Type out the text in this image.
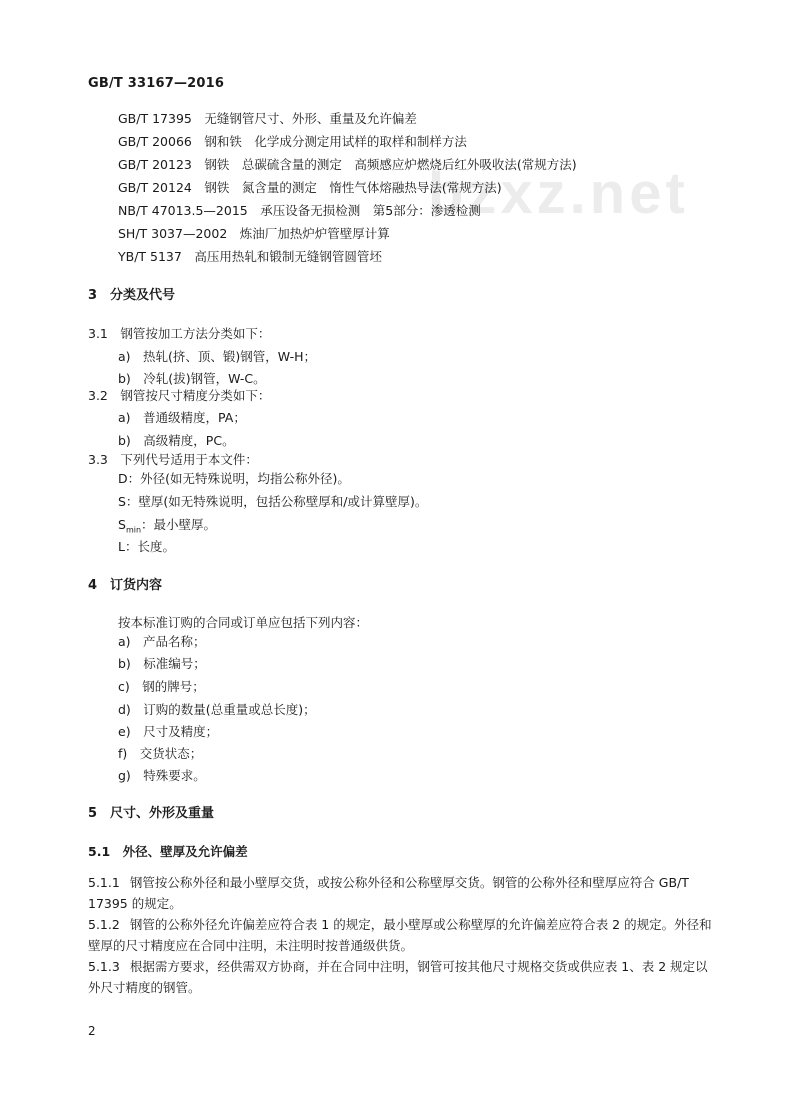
GB/T 33167—2016
bzxz.net
GB/T 17395　无缝钢管尺寸、外形、重量及允许偏差
GB/T 20066　钢和铁　化学成分测定用试样的取样和制样方法
GB/T 20123　钢铁　总碳硫含量的测定　高频感应炉燃烧后红外吸收法(常规方法)
GB/T 20124　钢铁　氮含量的测定　惰性气体熔融热导法(常规方法)
NB/T 47013.5—2015　承压设备无损检测　第5部分：渗透检测
SH/T 3037—2002　炼油厂加热炉炉管壁厚计算
YB/T 5137　高压用热轧和锻制无缝钢管圆管坯
3　分类及代号
3.1　钢管按加工方法分类如下：
a)　热轧(挤、顶、锻)钢管，W-H；
b)　冷轧(拔)钢管，W-C。
3.2　钢管按尺寸精度分类如下：
a)　普通级精度，PA；
b)　高级精度，PC。
3.3　下列代号适用于本文件：
D：外径(如无特殊说明，均指公称外径)。
S：壁厚(如无特殊说明，包括公称壁厚和/或计算壁厚)。
$S_{min}$：最小壁厚。
L：长度。
4　订货内容
按本标准订购的合同或订单应包括下列内容：
a)　产品名称；
b)　标准编号；
c)　钢的牌号；
d)　订购的数量(总重量或总长度)；
e)　尺寸及精度；
f)　交货状态；
g)　特殊要求。
5　尺寸、外形及重量
5.1　外径、壁厚及允许偏差
5.1.1 钢管按公称外径和最小壁厚交货，或按公称外径和公称壁厚交货。钢管的公称外径和壁厚应符合 GB/T 17395 的规定。
5.1.2 钢管的公称外径允许偏差应符合表 1 的规定，最小壁厚或公称壁厚的允许偏差应符合表 2 的规定。外径和壁厚的尺寸精度应在合同中注明，未注明时按普通级供货。
5.1.3 根据需方要求，经供需双方协商，并在合同中注明，钢管可按其他尺寸规格交货或供应表 1、表 2 规定以外尺寸精度的钢管。
2
